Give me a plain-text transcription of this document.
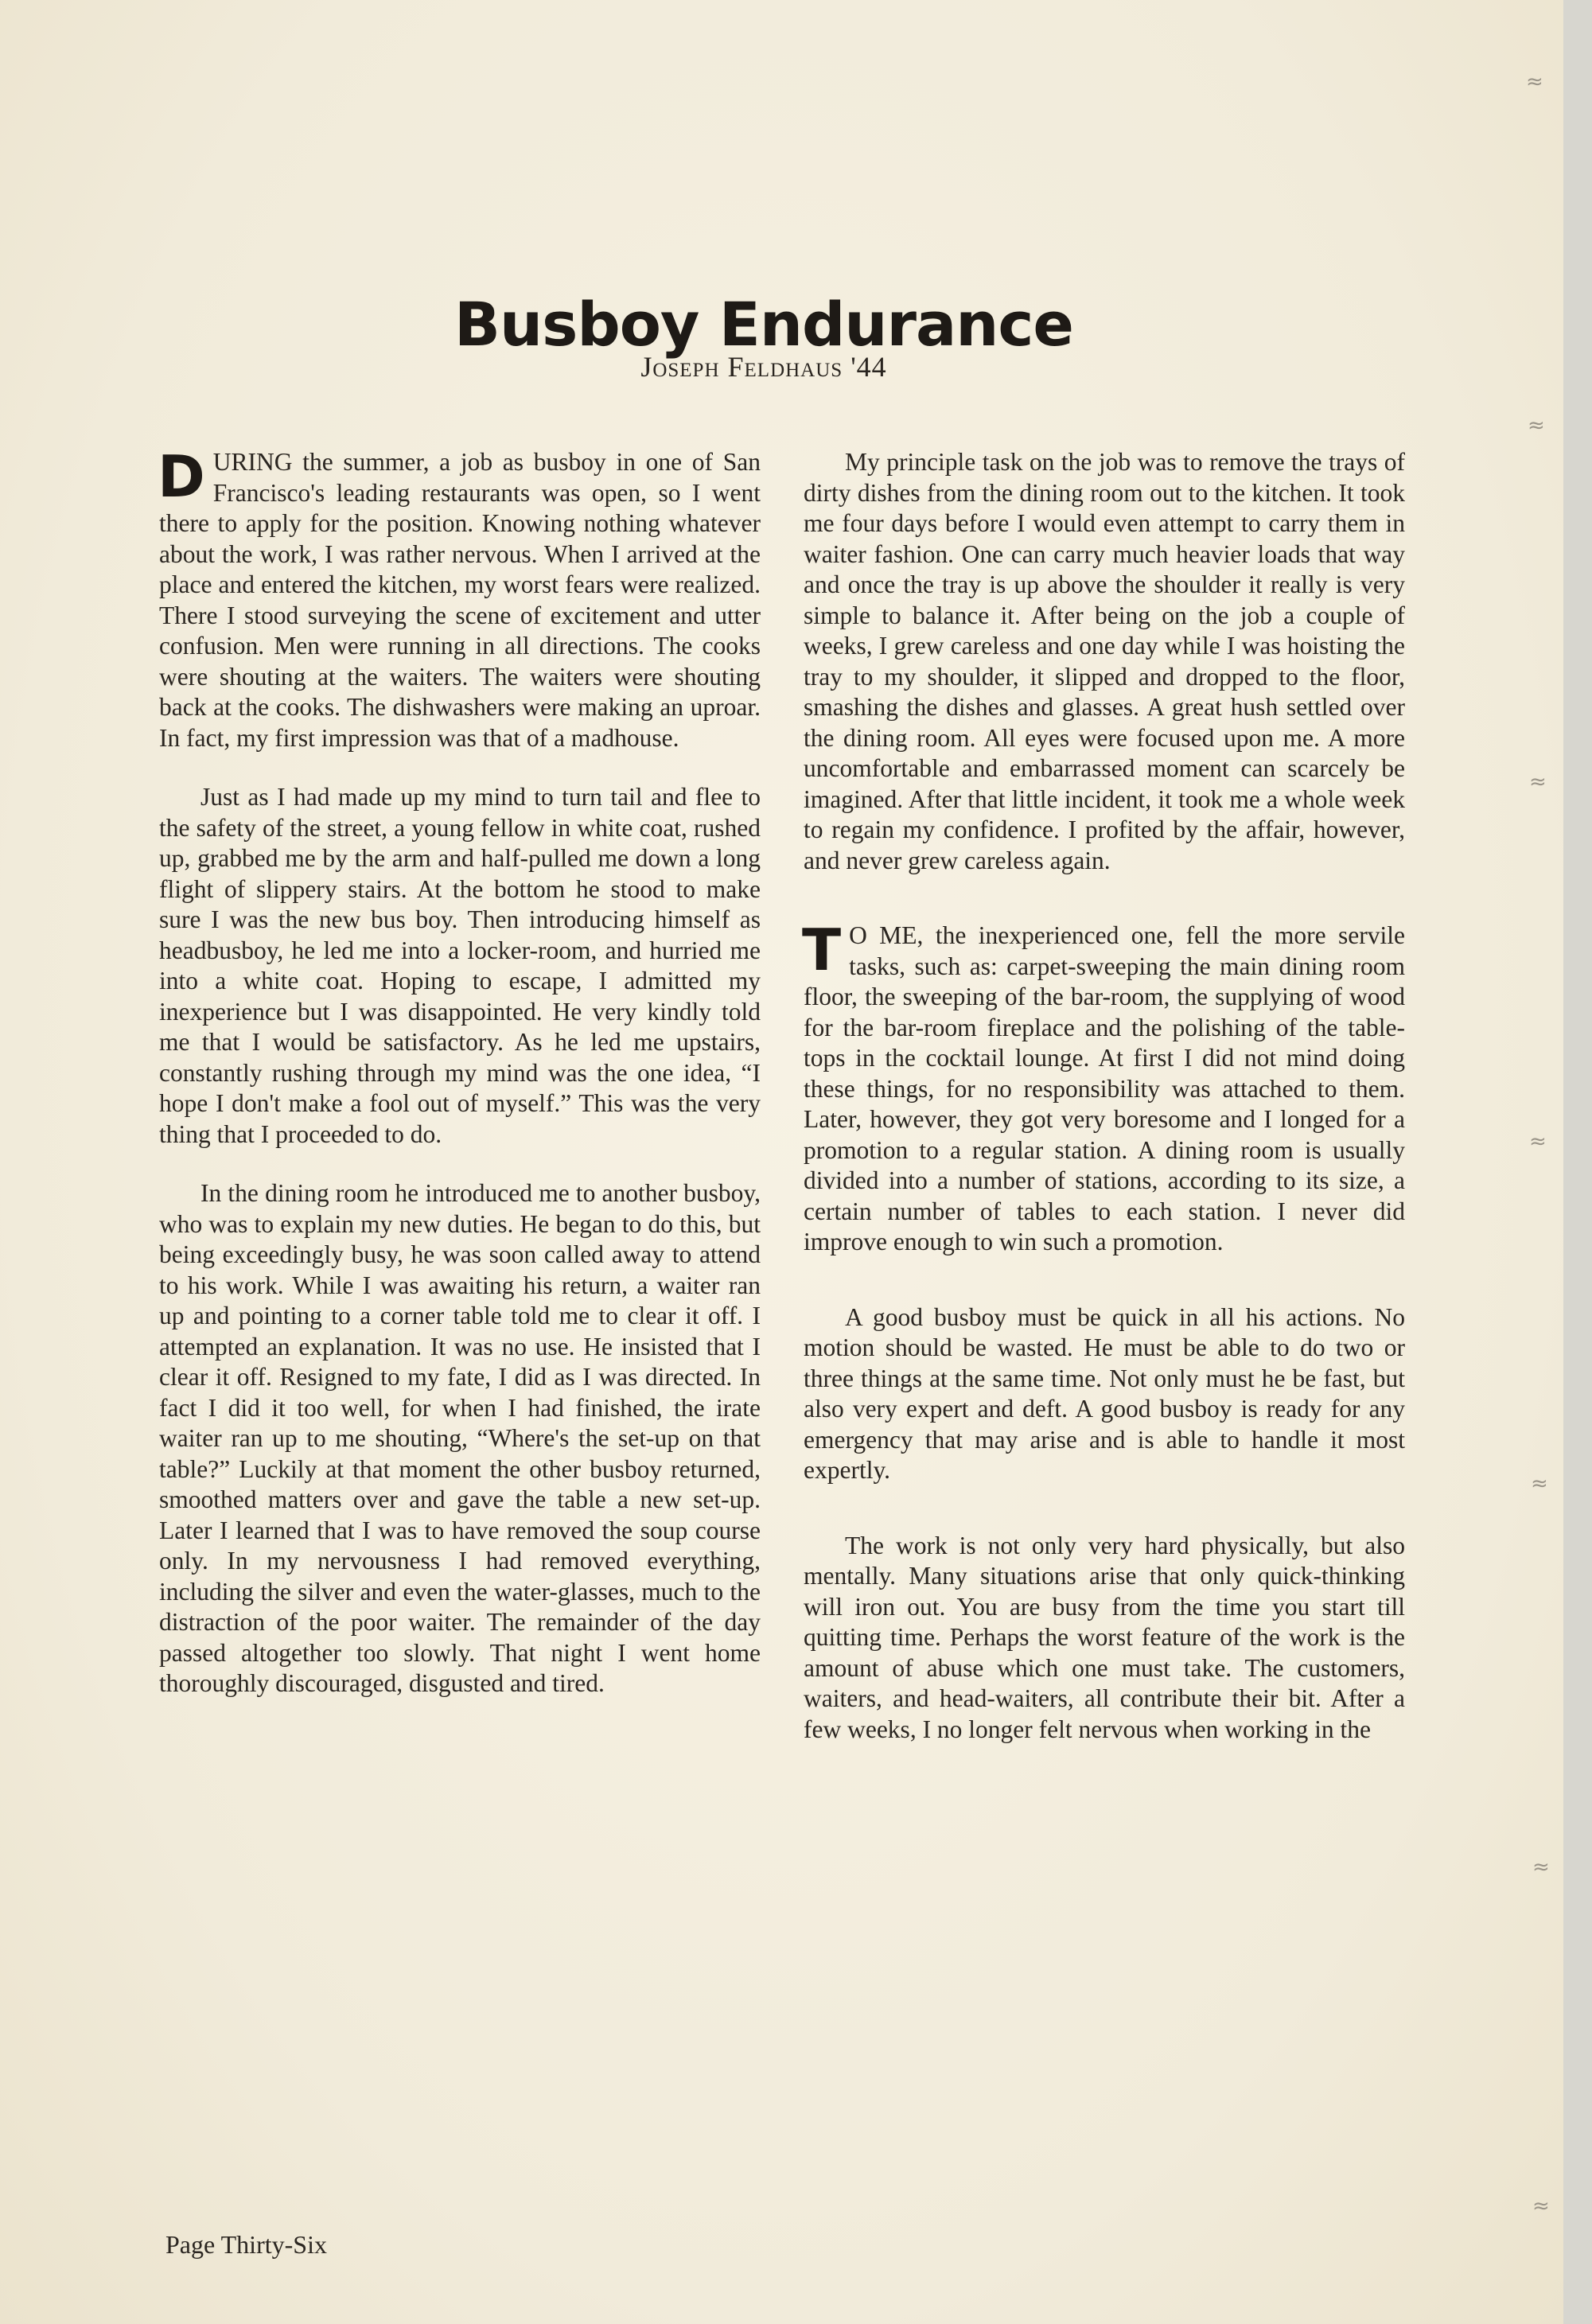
≈
≈
≈
≈
≈
≈
≈
Busboy Endurance
Joseph Feldhaus '44

DURING the summer, a job as busboy in one of San Francisco's leading restaurants was open, so I went there to apply for the position. Knowing nothing whatever about the work, I was rather nervous. When I arrived at the place and entered the kitchen, my worst fears were realized. There I stood surveying the scene of excitement and utter confusion. Men were running in all directions. The cooks were shouting at the waiters. The waiters were shouting back at the cooks. The dishwashers were making an uproar. In fact, my first impression was that of a madhouse.

Just as I had made up my mind to turn tail and flee to the safety of the street, a young fellow in white coat, rushed up, grabbed me by the arm and half-pulled me down a long flight of slippery stairs. At the bottom he stood to make sure I was the new bus boy. Then introducing himself as headbusboy, he led me into a locker-room, and hurried me into a white coat. Hoping to escape, I admitted my inexperience but I was disappointed. He very kindly told me that I would be satisfactory. As he led me upstairs, constantly rushing through my mind was the one idea, “I hope I don't make a fool out of myself.” This was the very thing that I proceeded to do.

In the dining room he introduced me to another busboy, who was to explain my new duties. He began to do this, but being exceedingly busy, he was soon called away to attend to his work. While I was awaiting his return, a waiter ran up and pointing to a corner table told me to clear it off. I attempted an explanation. It was no use. He insisted that I clear it off. Resigned to my fate, I did as I was directed. In fact I did it too well, for when I had finished, the irate waiter ran up to me shouting, “Where's the set-up on that table?” Luckily at that moment the other busboy returned, smoothed matters over and gave the table a new set-up. Later I learned that I was to have removed the soup course only. In my nervousness I had removed everything, including the silver and even the water-glasses, much to the distraction of the poor waiter. The remainder of the day passed altogether too slowly. That night I went home thoroughly discouraged, disgusted and tired.

My principle task on the job was to remove the trays of dirty dishes from the dining room out to the kitchen. It took me four days before I would even attempt to carry them in waiter fashion. One can carry much heavier loads that way and once the tray is up above the shoulder it really is very simple to balance it. After being on the job a couple of weeks, I grew careless and one day while I was hoisting the tray to my shoulder, it slipped and dropped to the floor, smashing the dishes and glasses. A great hush settled over the dining room. All eyes were focused upon me. A more uncomfortable and embarrassed moment can scarcely be imagined. After that little incident, it took me a whole week to regain my confidence. I profited by the affair, however, and never grew careless again.

T O ME, the inexperienced one, fell the more servile tasks, such as: carpet-sweeping the main dining room floor, the sweeping of the bar-room, the supplying of wood for the bar-room fireplace and the polishing of the table-tops in the cocktail lounge. At first I did not mind doing these things, for no responsibility was attached to them. Later, however, they got very boresome and I longed for a promotion to a regular station. A dining room is usually divided into a number of stations, according to its size, a certain number of tables to each station. I never did improve enough to win such a promotion.

A good busboy must be quick in all his actions. No motion should be wasted. He must be able to do two or three things at the same time. Not only must he be fast, but also very expert and deft. A good busboy is ready for any emergency that may arise and is able to handle it most expertly.

The work is not only very hard physically, but also mentally. Many situations arise that only quick-thinking will iron out. You are busy from the time you start till quitting time. Perhaps the worst feature of the work is the amount of abuse which one must take. The customers, waiters, and head-waiters, all contribute their bit. After a few weeks, I no longer felt nervous when working in the

Page Thirty-Six
